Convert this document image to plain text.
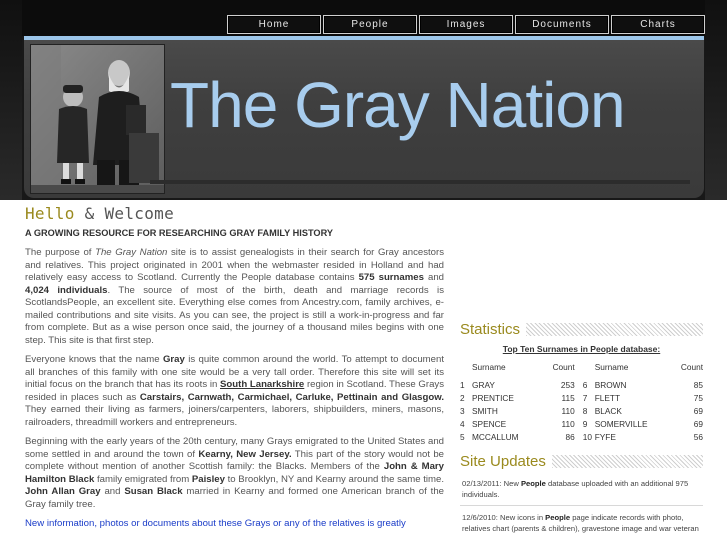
Home	People	Images	Documents	Charts
The Gray Nation
Hello & Welcome
A GROWING RESOURCE FOR RESEARCHING GRAY FAMILY HISTORY

The purpose of The Gray Nation site is to assist genealogists in their search for Gray ancestors and relatives. This project originated in 2001 when the webmaster resided in Holland and had relatively easy access to Scotland. Currently the People database contains 575 surnames and 4,024 individuals. The source of most of the birth, death and marriage records is ScotlandsPeople, an excellent site. Everything else comes from Ancestry.com, family archives, e-mailed contributions and site visits. As you can see, the project is still a work-in-progress and far from complete. But as a wise person once said, the journey of a thousand miles begins with one step. This site is that first step.

Everyone knows that the name Gray is quite common around the world. To attempt to document all branches of this family with one site would be a very tall order. Therefore this site will set its initial focus on the branch that has its roots in South Lanarkshire region in Scotland. These Grays resided in places such as Carstairs, Carnwath, Carmichael, Carluke, Pettinain and Glasgow. They earned their living as farmers, joiners/carpenters, laborers, shipbuilders, miners, masons, railroaders, threadmill workers and entrepreneurs.

Beginning with the early years of the 20th century, many Grays emigrated to the United States and some settled in and around the town of Kearny, New Jersey. This part of the story would not be complete without mention of another Scottish family: the Blacks. Members of the John & Mary Hamilton Black family emigrated from Paisley to Brooklyn, NY and Kearny around the same time. John Allan Gray and Susan Black married in Kearny and formed one American branch of the Gray family tree.

New information, photos or documents about these Grays or any of the relatives is greatly

Statistics
Top Ten Surnames in People database:
	Surname	Count		Surname	Count
1	GRAY	253	6	BROWN	85
2	PRENTICE	115	7	FLETT	75
3	SMITH	110	8	BLACK	69
4	SPENCE	110	9	SOMERVILLE	69
5	MCCALLUM	86	10	FYFE	56
Site Updates
02/13/2011: New People database uploaded with an additional 975 individuals.
12/6/2010: New icons in People page indicate records with photo, relatives chart (parents & children), gravestone image and war veteran
